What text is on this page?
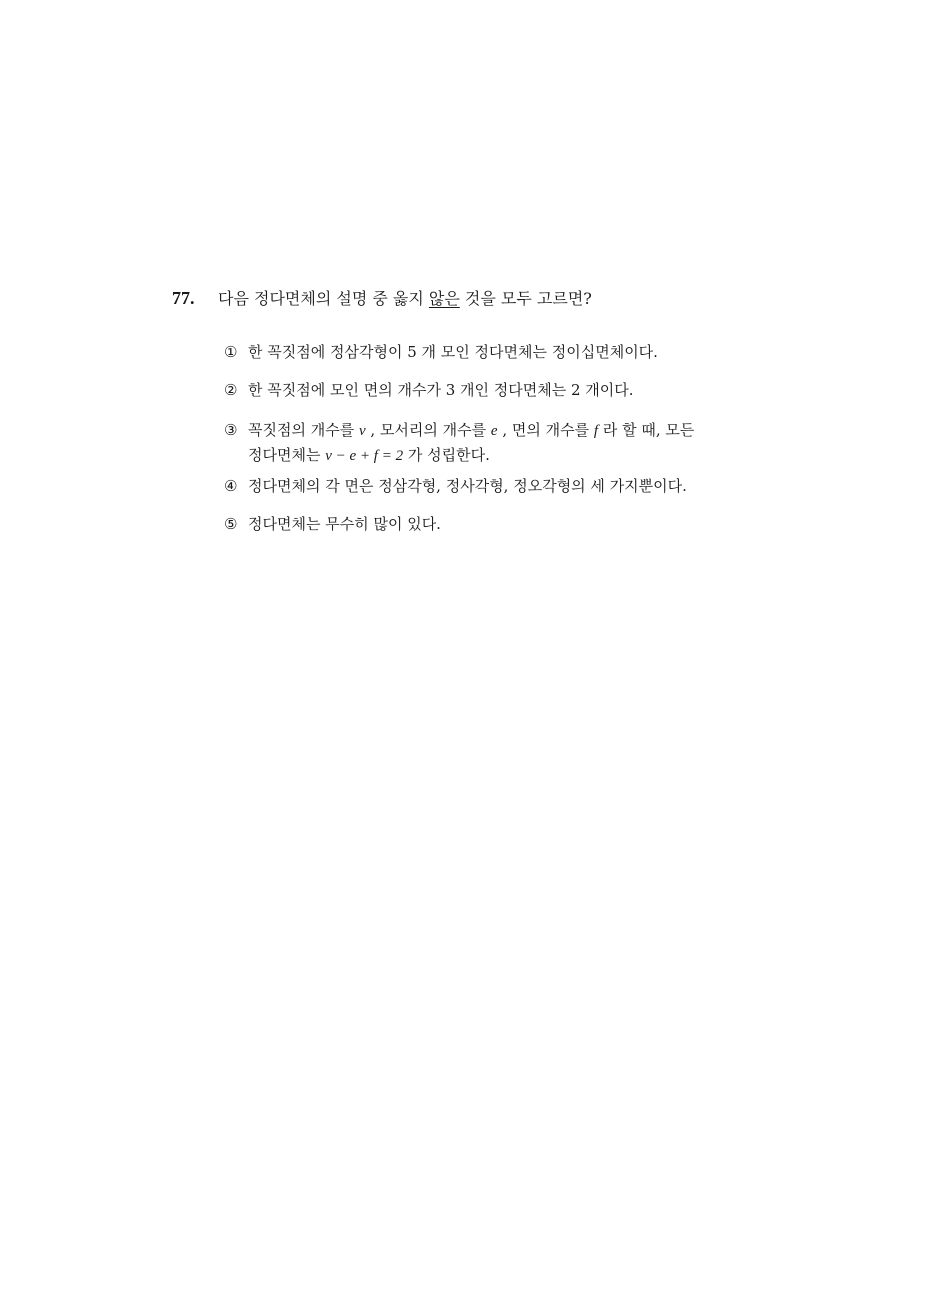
77.	다음 정다면체의 설명 중 옳지 않은 것을 모두 고르면?
① 한 꼭짓점에 정삼각형이 5 개 모인 정다면체는 정이십면체이다.
② 한 꼭짓점에 모인 면의 개수가 3 개인 정다면체는 2 개이다.
③ 꼭짓점의 개수를 v , 모서리의 개수를 e , 면의 개수를 f 라 할 때, 모든
정다면체는 v − e + f = 2 가 성립한다.
④ 정다면체의 각 면은 정삼각형, 정사각형, 정오각형의 세 가지뿐이다.
⑤ 정다면체는 무수히 많이 있다.
